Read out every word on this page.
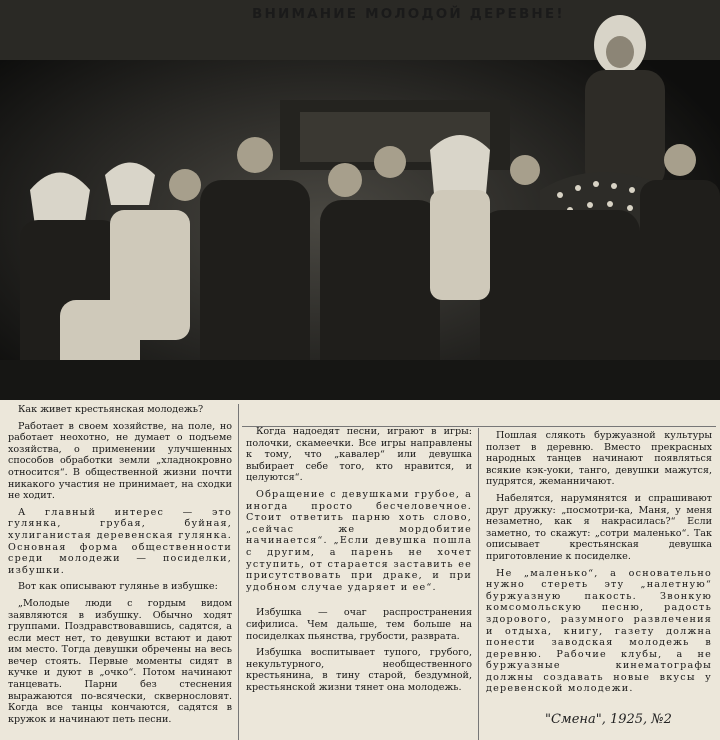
ВНИМАНИЕ МОЛОДОЙ ДЕРЕВНЕ!

Как живет крестьянская молодежь?

Работает в своем хозяйстве, на поле, но работает неохотно, не думает о подъеме хозяйства, о применении улучшенных способов обработки земли „хладнокровно относится“. В общественной жизни почти никакого участия не принимает, на сходки не ходит.

А главный интерес — это гулянка, грубая, буйная, хулиганистая деревенская гулянка. Основная форма общественности среди молодежи — посиделки, избушки.

Вот как описывают гулянье в избушке:

„Молодые люди с гордым видом заявляются в избушку. Обычно ходят группами. Поздравствовавшись, садятся, а если мест нет, то девушки встают и дают им место. Тогда девушки обречены на весь вечер стоять. Первые моменты сидят в кучке и дуют в „очко“. Потом начинают танцевать. Парни без стеснения выражаются по-всячески, сквернословят. Когда все танцы кончаются, садятся в кружок и начинают петь песни.

Когда надоедят песни, играют в игры: полочки, скамеечки. Все игры направлены к тому, что „кавалер“ или девушка выбирает себе того, кто нравится, и целуются“.

Обращение с девушками грубое, а иногда просто бесчеловечное. Стоит ответить парню хоть слово, „сейчас же мордобитие начинается“. „Если девушка пошла с другим, а парень не хочет уступить, от старается заставить ее присутствовать при драке, и при удобном случае ударяет и ее“.

Избушка — очаг распространения сифилиса. Чем дальше, тем больше на посиделках пьянства, грубости, разврата.

Избушка воспитывает тупого, грубого, некультурного, необщественного крестьянина, в тину старой, бездумной, крестьянской жизни тянет она молодежь.

Пошлая слякоть буржуазной культуры ползет в деревню. Вместо прекрасных народных танцев начинают появляться всякие кэк-уоки, танго, девушки мажутся, пудрятся, жеманничают.

Набелятся, нарумянятся и спрашивают друг дружку: „посмотри-ка, Маня, у меня незаметно, как я накрасилась?“ Если заметно, то скажут: „сотри маленько“. Так описывает крестьянская девушка приготовление к посиделке.

Не „маленько“, а основательно нужно стереть эту „налетную“ буржуазную пакость. Звонкую комсомольскую песню, радость здорового, разумного развлечения и отдыха, книгу, газету должна понести заводская молодежь в деревню. Рабочие клубы, а не буржуазные кинематографы должны создавать новые вкусы у деревенской молодежи.

"Смена", 1925, №2
